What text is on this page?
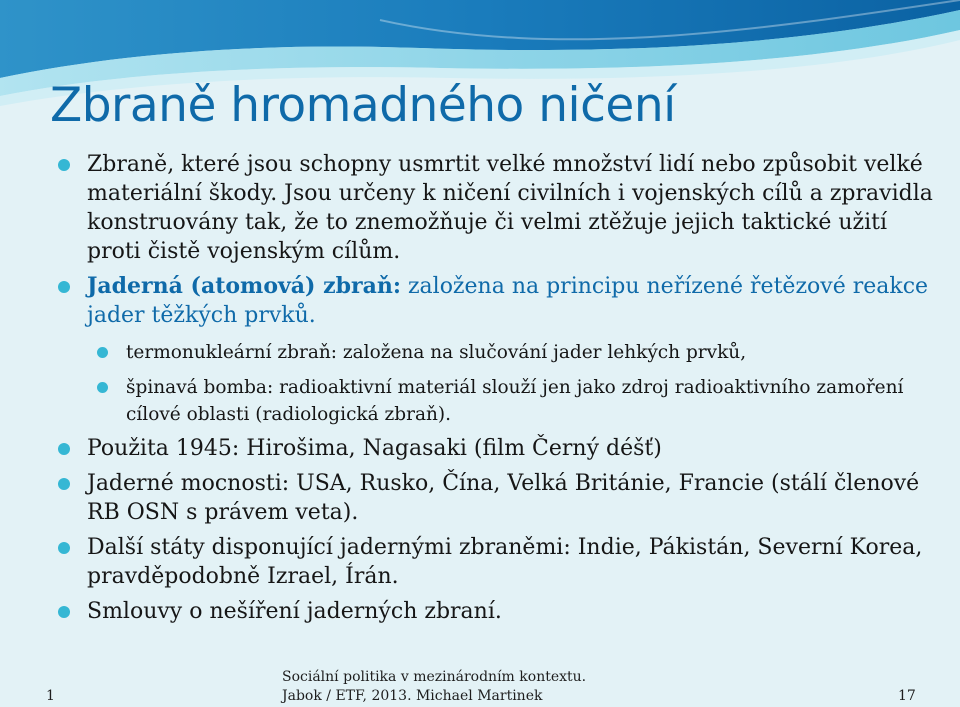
Zbraně hromadného ničení
Zbraně, které jsou schopny usmrtit velké množství lidí nebo způsobit velké materiální škody. Jsou určeny k ničení civilních i vojenských cílů a zpravidla konstruovány tak, že to znemožňuje či velmi ztěžuje jejich taktické užití proti čistě vojenským cílům.
Jaderná (atomová) zbraň: založena na principu neřízené řetězové reakce jader těžkých prvků.
termonukleární zbraň: založena na slučování jader lehkých prvků,
špinavá bomba: radioaktivní materiál slouží jen jako zdroj radioaktivního zamoření cílové oblasti (radiologická zbraň).
Použita 1945: Hirošima, Nagasaki (film Černý déšť)
Jaderné mocnosti: USA, Rusko, Čína, Velká Británie, Francie (stálí členové RB OSN s právem veta).
Další státy disponující jadernými zbraněmi: Indie, Pákistán, Severní Korea, pravděpodobně Izrael, Írán.
Smlouvy o nešíření jaderných zbraní.
1
Sociální politika v mezinárodním kontextu.
Jabok / ETF, 2013. Michael Martinek	17
